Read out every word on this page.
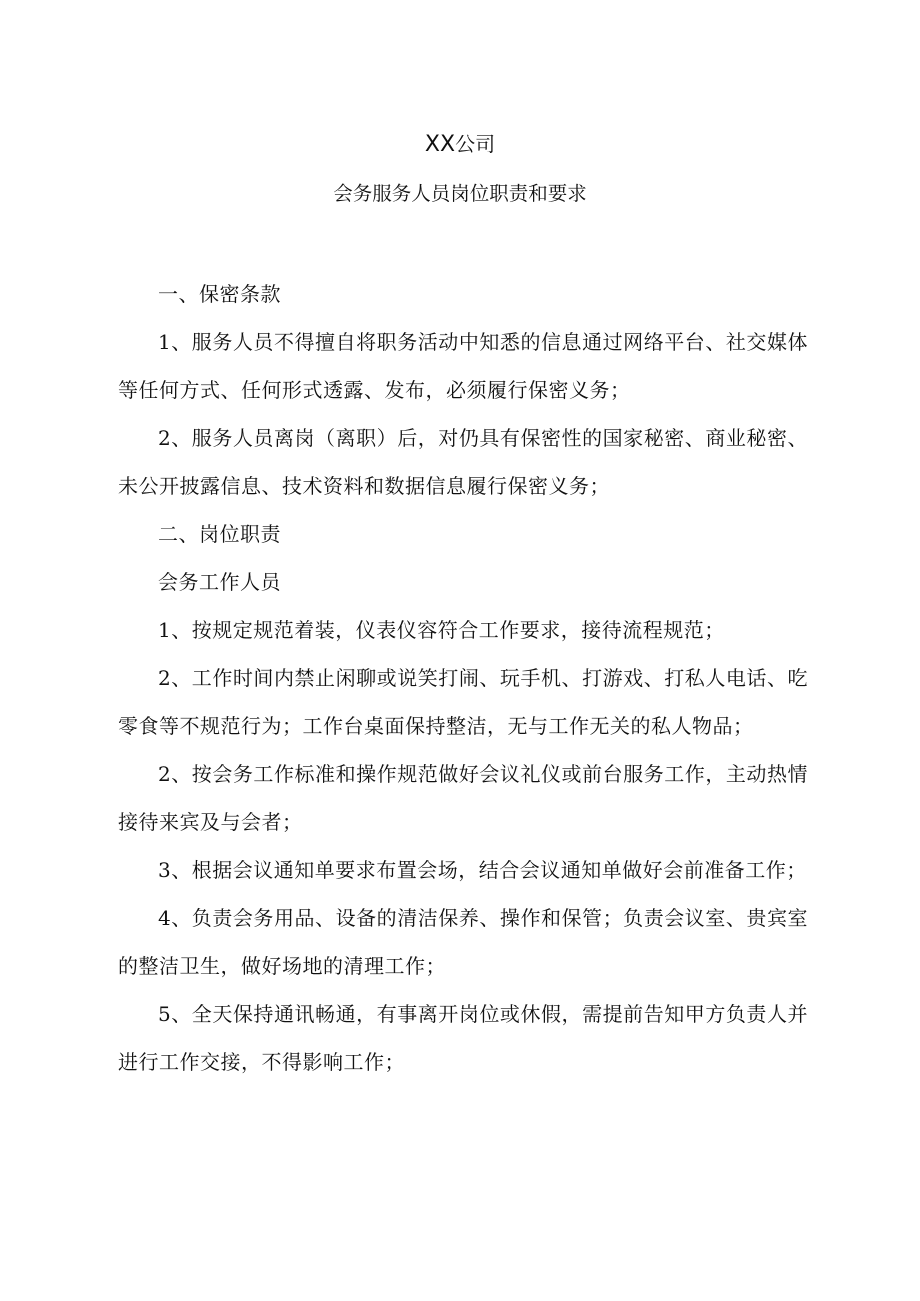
XX公司
会务服务人员岗位职责和要求

一、保密条款

1、服务人员不得擅自将职务活动中知悉的信息通过网络平台、社交媒体等任何方式、任何形式透露、发布，必须履行保密义务；

2、服务人员离岗（离职）后，对仍具有保密性的国家秘密、商业秘密、未公开披露信息、技术资料和数据信息履行保密义务；

二、岗位职责

会务工作人员

1、按规定规范着装，仪表仪容符合工作要求，接待流程规范；

2、工作时间内禁止闲聊或说笑打闹、玩手机、打游戏、打私人电话、吃零食等不规范行为；工作台桌面保持整洁，无与工作无关的私人物品；

2、按会务工作标准和操作规范做好会议礼仪或前台服务工作，主动热情接待来宾及与会者；

3、根据会议通知单要求布置会场，结合会议通知单做好会前准备工作；

4、负责会务用品、设备的清洁保养、操作和保管；负责会议室、贵宾室的整洁卫生，做好场地的清理工作；

5、全天保持通讯畅通，有事离开岗位或休假，需提前告知甲方负责人并进行工作交接，不得影响工作；
